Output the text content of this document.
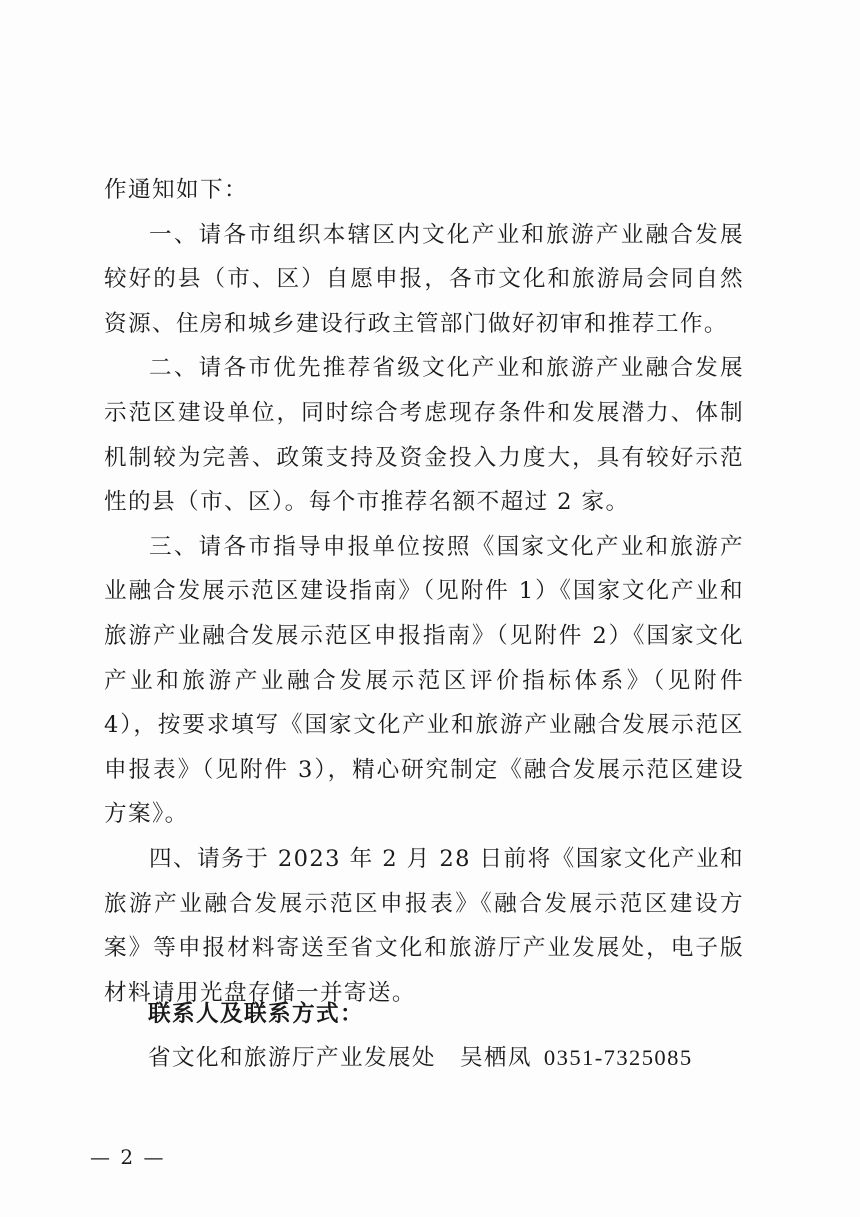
作通知如下：

一、请各市组织本辖区内文化产业和旅游产业融合发展较好的县（市、区）自愿申报，各市文化和旅游局会同自然资源、住房和城乡建设行政主管部门做好初审和推荐工作。

二、请各市优先推荐省级文化产业和旅游产业融合发展示范区建设单位，同时综合考虑现存条件和发展潜力、体制机制较为完善、政策支持及资金投入力度大，具有较好示范性的县（市、区）。每个市推荐名额不超过 2 家。

三、请各市指导申报单位按照《国家文化产业和旅游产业融合发展示范区建设指南》（见附件 1）《国家文化产业和旅游产业融合发展示范区申报指南》（见附件 2）《国家文化产业和旅游产业融合发展示范区评价指标体系》（见附件 4），按要求填写《国家文化产业和旅游产业融合发展示范区申报表》（见附件 3），精心研究制定《融合发展示范区建设方案》。

四、请务于 2023 年 2 月 28 日前将《国家文化产业和旅游产业融合发展示范区申报表》《融合发展示范区建设方案》等申报材料寄送至省文化和旅游厅产业发展处，电子版材料请用光盘存储一并寄送。

联系人及联系方式：

省文化和旅游厅产业发展处 吴栖凤 0351-7325085

— 2 —
